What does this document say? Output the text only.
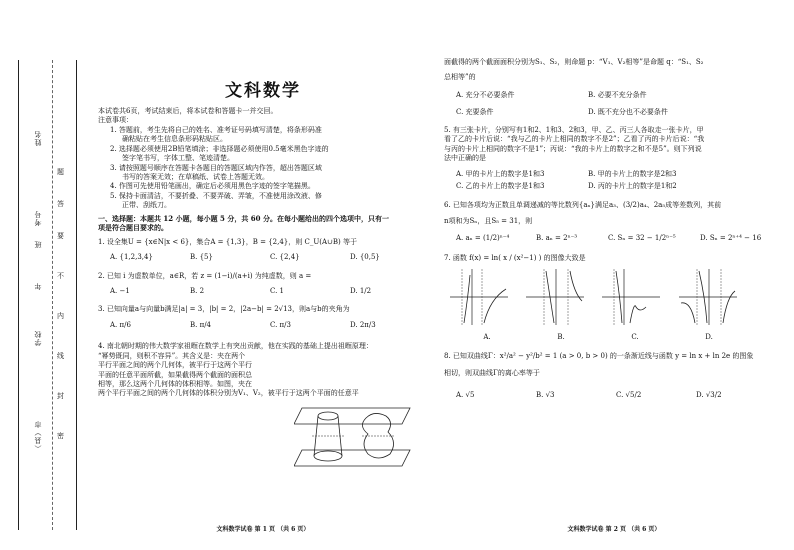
姓名
考号
班
年
学校
（县）市 密
封
线
内
不
要
答
题
文科数学

本试卷共6页，考试结束后，将本试卷和答题卡一并交回。

注意事项：

1. 答题前，考生先将自己的姓名、准考证号码填写清楚，将条形码准

确粘贴在考生信息条形码粘贴区。

2. 选择题必须使用2B铅笔填涂；非选择题必须使用0.5毫米黑色字迹的

签字笔书写，字体工整、笔迹清楚。

3. 请按照题号顺序在答题卡各题目的答题区域内作答，超出答题区域

书写的答案无效；在草稿纸、试卷上答题无效。

4. 作图可先使用铅笔画出，确定后必须用黑色字迹的签字笔描黑。

5. 保持卡面清洁，不要折叠、不要弄破、弄皱，不准使用涂改液、修

正带、刮纸刀。

一、选择题：本题共 12 小题，每小题 5 分，共 60 分。在每小题给出的四个选项中，只有一

项是符合题目要求的。

1. 设全集U = {x∈N|x < 6}，集合A = {1,3}，B = {2,4}，则 C_U(A∪B) 等于

A. {1,2,3,4}	B. {5}	C. {2,4}	D. {0,5}

2. 已知 i 为虚数单位，a∈R，若 z = (1−i)/(a+i) 为纯虚数，则 a =

A. −1	B. 2	C. 1	D. 1/2

3. 已知向量a与向量b满足|a| = 3，|b| = 2，|2a−b| = 2√13，则a与b的夹角为

A. π/6	B. π/4	C. π/3	D. 2π/3

4. 南北朝时期的伟大数学家祖暅在数学上有突出贡献，他在实践的基础上提出祖暅原理：

“幂势既同，则积不容异”。其含义是：夹在两个

平行平面之间的两个几何体，被平行于这两个平行

平面的任意平面所截，如果截得两个截面的面积总

相等，那么这两个几何体的体积相等。如图，夹在

两个平行平面之间的两个几何体的体积分别为V₁、V₂，被平行于这两个平面的任意平

文科数学试卷 第 1 页 （共 6 页）

面截得的两个截面面积分别为S₁、S₂，则命题 p：“V₁、V₂相等”是命题 q：“S₁、S₂

总相等”的

A. 充分不必要条件	B. 必要不充分条件
C. 充要条件	D. 既不充分也不必要条件

5. 有三张卡片，分别写有1和2、1和3、2和3，甲、乙、丙三人各取走一张卡片，甲

看了乙的卡片后说：“我与乙的卡片上相同的数字不是2”；乙看了丙的卡片后说：“我

与丙的卡片上相同的数字不是1”；丙说：“我的卡片上的数字之和不是5”。则下列说

法中正确的是

A. 甲的卡片上的数字是1和3	B. 甲的卡片上的数字是2和3
C. 乙的卡片上的数字是1和3	D. 丙的卡片上的数字是1和2

6. 已知各项均为正数且单调递减的等比数列{aₙ}满足a₃、(3/2)a₄、2a₅成等差数列，其前

n项和为Sₙ，且S₅ = 31，则

A. aₙ = (1/2)ⁿ⁻⁴	B. aₙ = 2ⁿ⁻³	C. Sₙ = 32 − 1/2ⁿ⁻⁵	D. Sₙ = 2ⁿ⁺⁴ − 16

7. 函数 f(x) = ln( x / (x²−1) ) 的图像大致是

A.	B.	C.	D.

8. 已知双曲线Γ：x²/a² − y²/b² = 1 (a > 0, b > 0) 的一条渐近线与函数 y = ln x + ln 2e 的图象

相切，则双曲线Γ的离心率等于

A. √5	B. √3	C. √5/2	D. √3/2
文科数学试卷 第 2 页 （共 6 页）
